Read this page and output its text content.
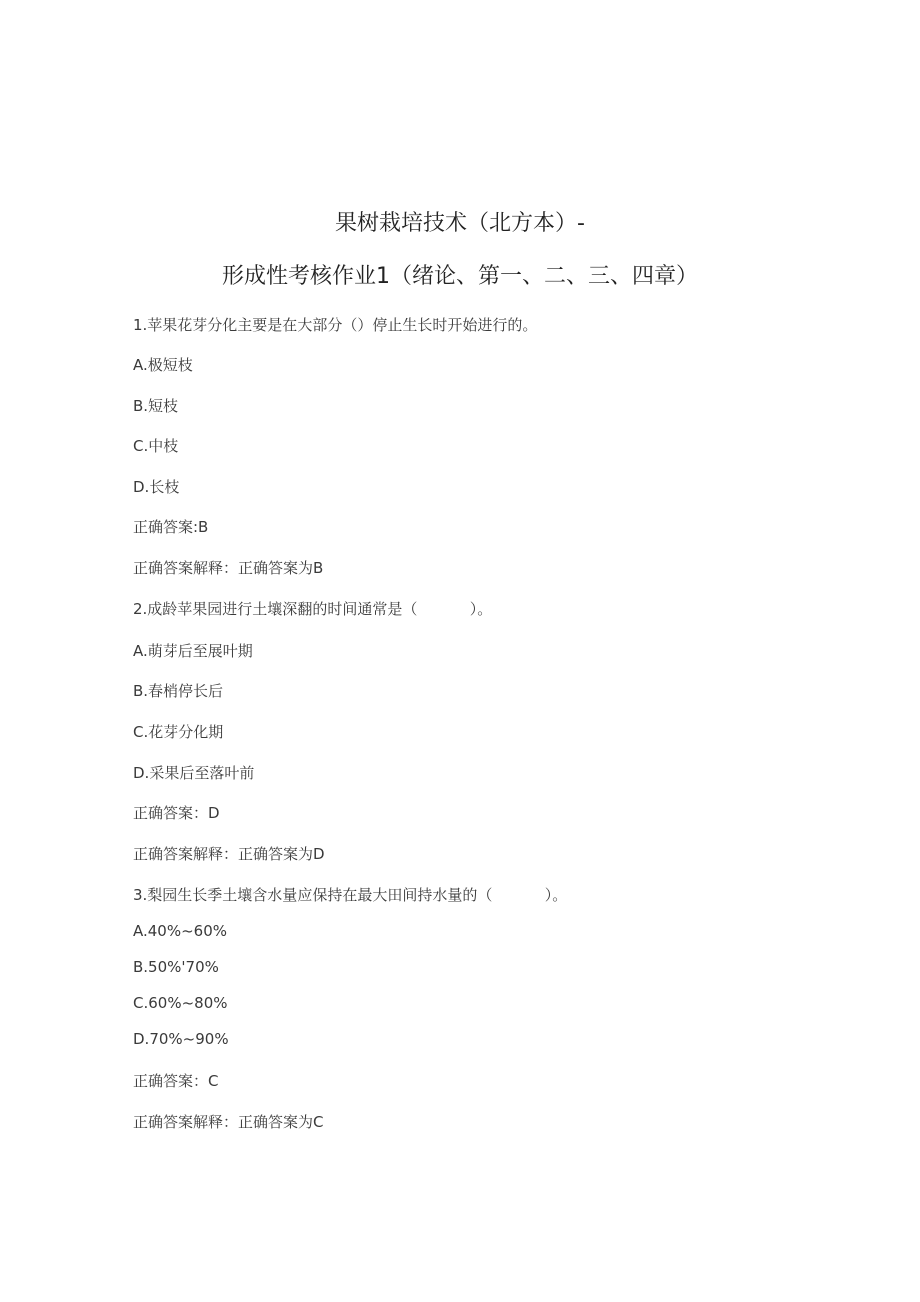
果树栽培技术（北方本）-
形成性考核作业1（绪论、第一、二、三、四章）
1.苹果花芽分化主要是在大部分（）停止生长时开始进行的。
A.极短枝
B.短枝
C.中枝
D.长枝
正确答案:B
正确答案解释：正确答案为B
2.成龄苹果园进行土壤深翻的时间通常是（           ）。
A.萌芽后至展叶期
B.春梢停长后
C.花芽分化期
D.采果后至落叶前
正确答案：D
正确答案解释：正确答案为D
3.梨园生长季土壤含水量应保持在最大田间持水量的（           ）。
A.40%~60%
B.50%'70%
C.60%~80%
D.70%~90%
正确答案：C
正确答案解释：正确答案为C
